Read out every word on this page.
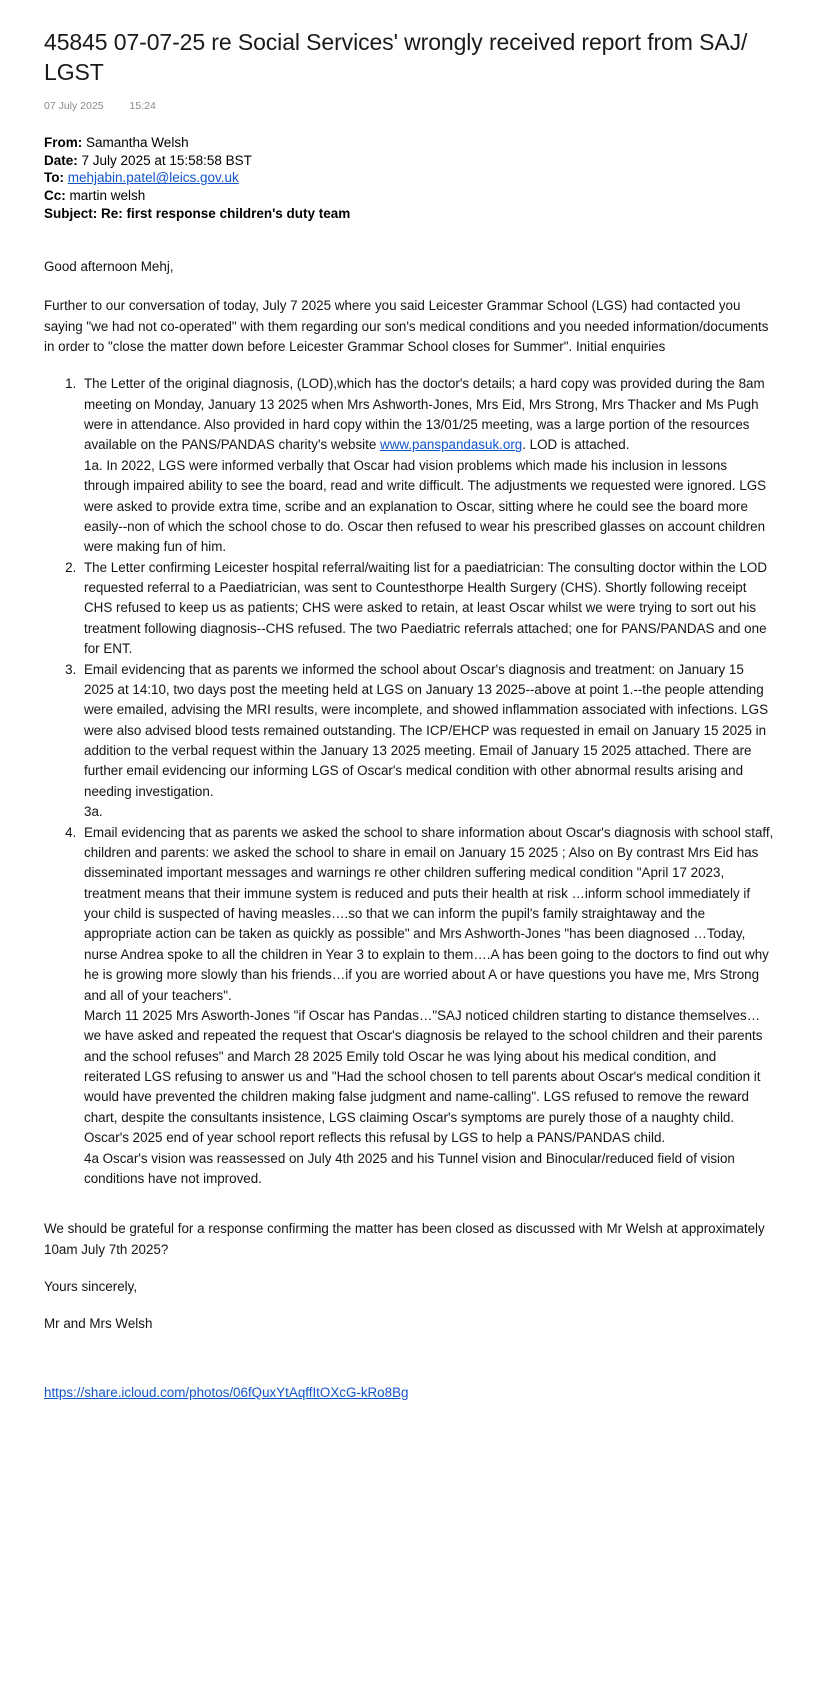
45845 07-07-25 re Social Services' wrongly received report from SAJ/ LGST
07 July 2025 15:24
From: Samantha Welsh
Date: 7 July 2025 at 15:58:58 BST
To: mehjabin.patel@leics.gov.uk
Cc: martin welsh
Subject: Re: first response children's duty team

Good afternoon Mehj,

Further to our conversation of today, July 7 2025 where you said Leicester Grammar School (LGS) had contacted you saying "we had not co-operated" with them regarding our son's medical conditions and you needed information/documents in order to "close the matter down before Leicester Grammar School closes for Summer". Initial enquiries

1. The Letter of the original diagnosis, (LOD),which has the doctor's details; a hard copy was provided during the 8am meeting on Monday, January 13 2025 when Mrs Ashworth-Jones, Mrs Eid, Mrs Strong, Mrs Thacker and Ms Pugh were in attendance. Also provided in hard copy within the 13/01/25 meeting, was a large portion of the resources available on the PANS/PANDAS charity's website www.panspandasuk.org. LOD is attached.
1a. In 2022, LGS were informed verbally that Oscar had vision problems which made his inclusion in lessons through impaired ability to see the board, read and write difficult. The adjustments we requested were ignored. LGS were asked to provide extra time, scribe and an explanation to Oscar, sitting where he could see the board more easily--non of which the school chose to do. Oscar then refused to wear his prescribed glasses on account children were making fun of him.
2. The Letter confirming Leicester hospital referral/waiting list for a paediatrician: The consulting doctor within the LOD requested referral to a Paediatrician, was sent to Countesthorpe Health Surgery (CHS). Shortly following receipt CHS refused to keep us as patients; CHS were asked to retain, at least Oscar whilst we were trying to sort out his treatment following diagnosis--CHS refused. The two Paediatric referrals attached; one for PANS/PANDAS and one for ENT.
3. Email evidencing that as parents we informed the school about Oscar's diagnosis and treatment: on January 15 2025 at 14:10, two days post the meeting held at LGS on January 13 2025--above at point 1.--the people attending were emailed, advising the MRI results, were incomplete, and showed inflammation associated with infections. LGS were also advised blood tests remained outstanding. The ICP/EHCP was requested in email on January 15 2025 in addition to the verbal request within the January 13 2025 meeting. Email of January 15 2025 attached. There are further email evidencing our informing LGS of Oscar's medical condition with other abnormal results arising and needing investigation.
3a.
4. Email evidencing that as parents we asked the school to share information about Oscar's diagnosis with school staff, children and parents: we asked the school to share in email on January 15 2025 ; Also on By contrast Mrs Eid has disseminated important messages and warnings re other children suffering medical condition "April 17 2023, treatment means that their immune system is reduced and puts their health at risk …inform school immediately if your child is suspected of having measles….so that we can inform the pupil's family straightaway and the appropriate action can be taken as quickly as possible" and Mrs Ashworth-Jones "has been diagnosed …Today, nurse Andrea spoke to all the children in Year 3 to explain to them….A has been going to the doctors to find out why he is growing more slowly than his friends…if you are worried about A or have questions you have me, Mrs Strong and all of your teachers".
March 11 2025 Mrs Asworth-Jones "if Oscar has Pandas…"SAJ noticed children starting to distance themselves…we have asked and repeated the request that Oscar's diagnosis be relayed to the school children and their parents and the school refuses" and March 28 2025 Emily told Oscar he was lying about his medical condition, and reiterated LGS refusing to answer us and "Had the school chosen to tell parents about Oscar's medical condition it would have prevented the children making false judgment and name-calling". LGS refused to remove the reward chart, despite the consultants insistence, LGS claiming Oscar's symptoms are purely those of a naughty child. Oscar's 2025 end of year school report reflects this refusal by LGS to help a PANS/PANDAS child.
4a Oscar's vision was reassessed on July 4th 2025 and his Tunnel vision and Binocular/reduced field of vision conditions have not improved.

We should be grateful for a response confirming the matter has been closed as discussed with Mr Welsh at approximately 10am July 7th 2025?

Yours sincerely,

Mr and Mrs Welsh

https://share.icloud.com/photos/06fQuxYtAqffItOXcG-kRo8Bg
